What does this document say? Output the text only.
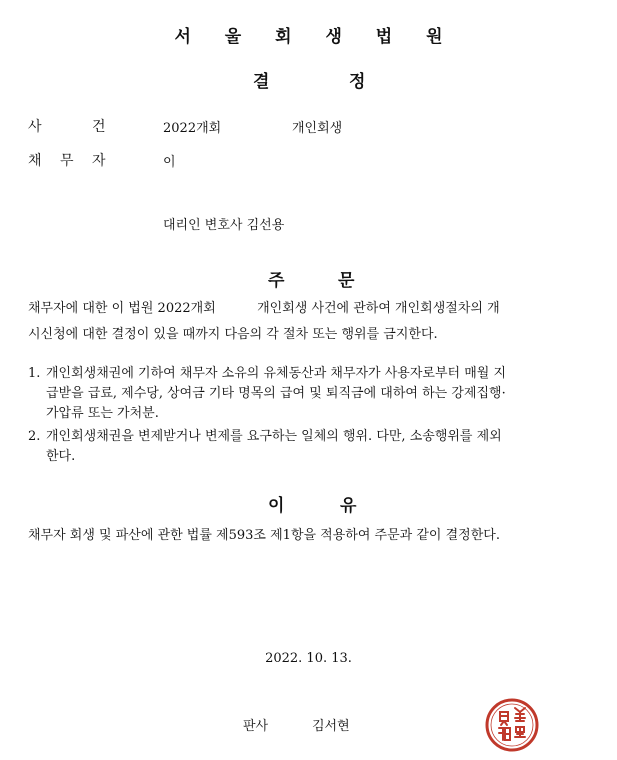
서 울 회 생 법 원
결	정
사	건	2022개회	개인회생
채 무 자	이
대리인 변호사 김선용
주	문
채무자에 대한 이 법원 2022개회          개인회생 사건에 관하여 개인회생절차의 개
시신청에 대한 결정이 있을 때까지 다음의 각 절차 또는 행위를 금지한다.
1. 개인회생채권에 기하여 채무자 소유의 유체동산과 채무자가 사용자로부터 매월 지
급받을 급료, 제수당, 상여금 기타 명목의 급여 및 퇴직금에 대하여 하는 강제집행·
가압류 또는 가처분.
2. 개인회생채권을 변제받거나 변제를 요구하는 일체의 행위. 다만, 소송행위를 제외
한다.
이	유
채무자 회생 및 파산에 관한 법률 제593조 제1항을 적용하여 주문과 같이 결정한다.
2022. 10. 13.
판사	김서현
